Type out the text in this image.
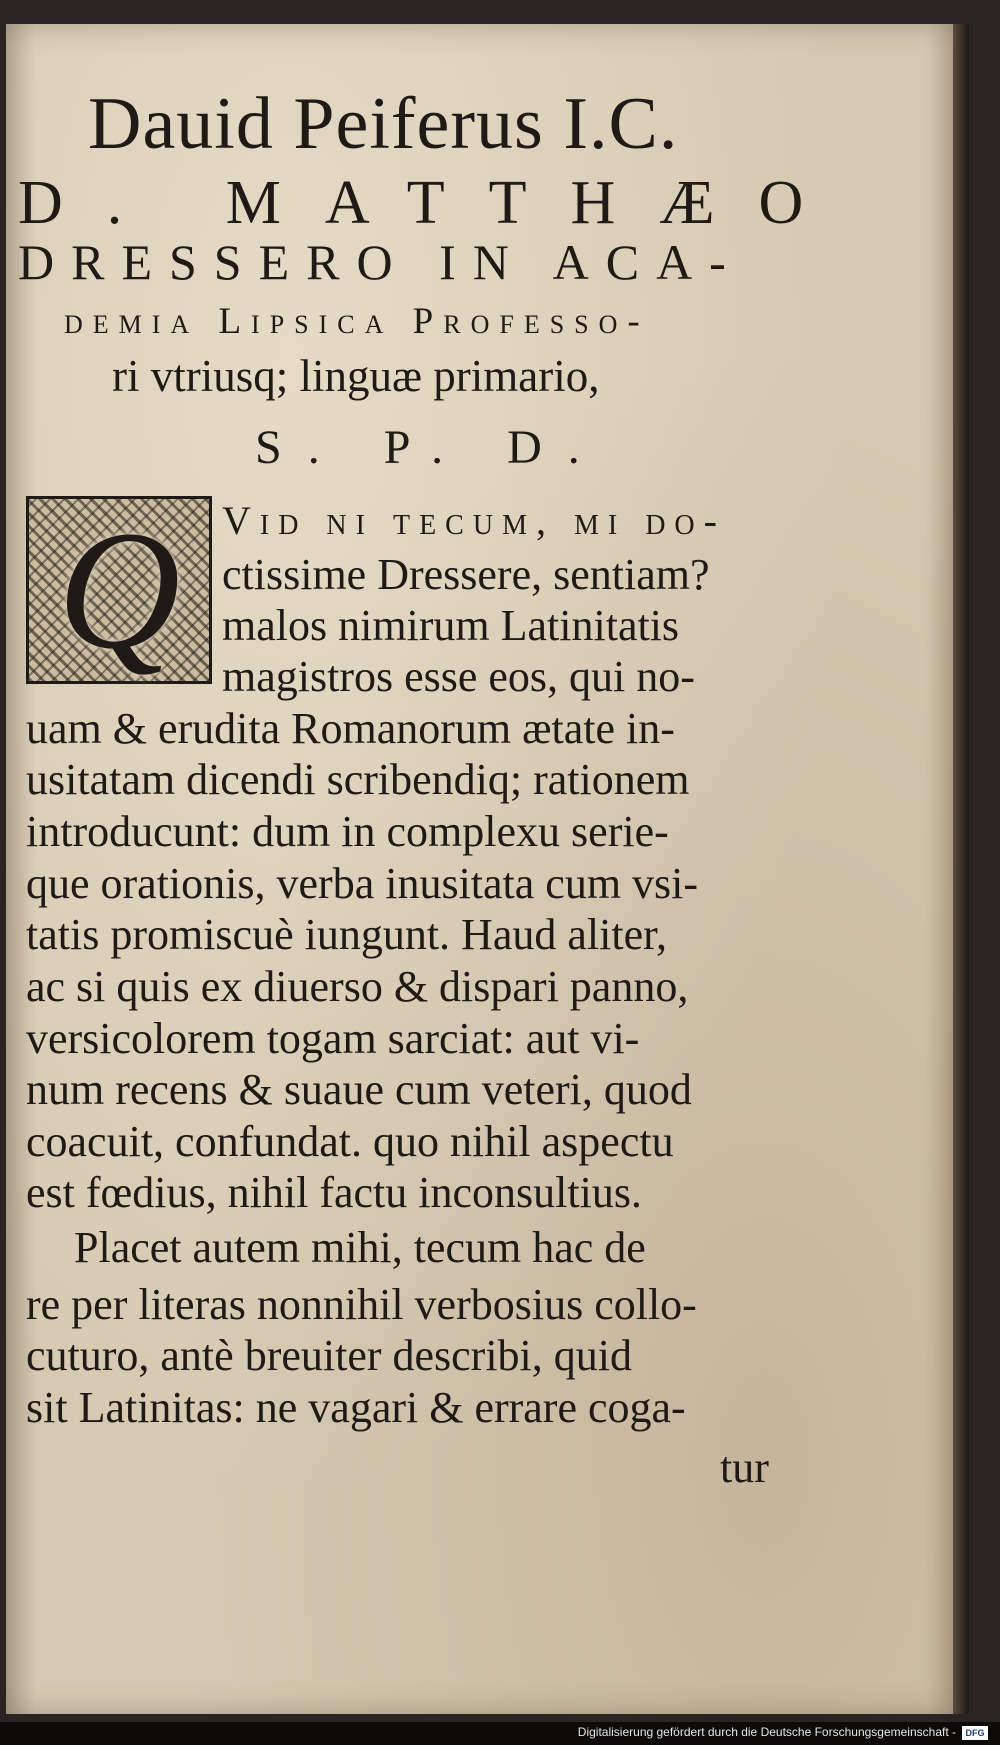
Dauid Peiferus I.C.
D. MATTHÆO
DRESSERO IN ACA-
demia Lipsica Professo-
ri vtriusq; linguæ primario,
S. P. D.
Q	Vid ni tecum, mi do-
ctissime Dressere, sentiam?
malos nimirum Latinitatis
magistros esse eos, qui no-
uam & erudita Romanorum ætate in-
usitatam dicendi scribendiq; rationem
introducunt: dum in complexu serie-
que orationis, verba inusitata cum vsi-
tatis promiscuè iungunt. Haud aliter,
ac si quis ex diuerso & dispari panno,
versicolorem togam sarciat: aut vi-
num recens & suaue cum veteri, quod
coacuit, confundat. quo nihil aspectu
est fœdius, nihil factu inconsultius.
Placet autem mihi, tecum hac de
re per literas nonnihil verbosius collo-
cuturo, antè breuiter describi, quid
sit Latinitas: ne vagari & errare coga-
tur
Digitalisierung gefördert durch die Deutsche Forschungsgemeinschaft -	DFG
